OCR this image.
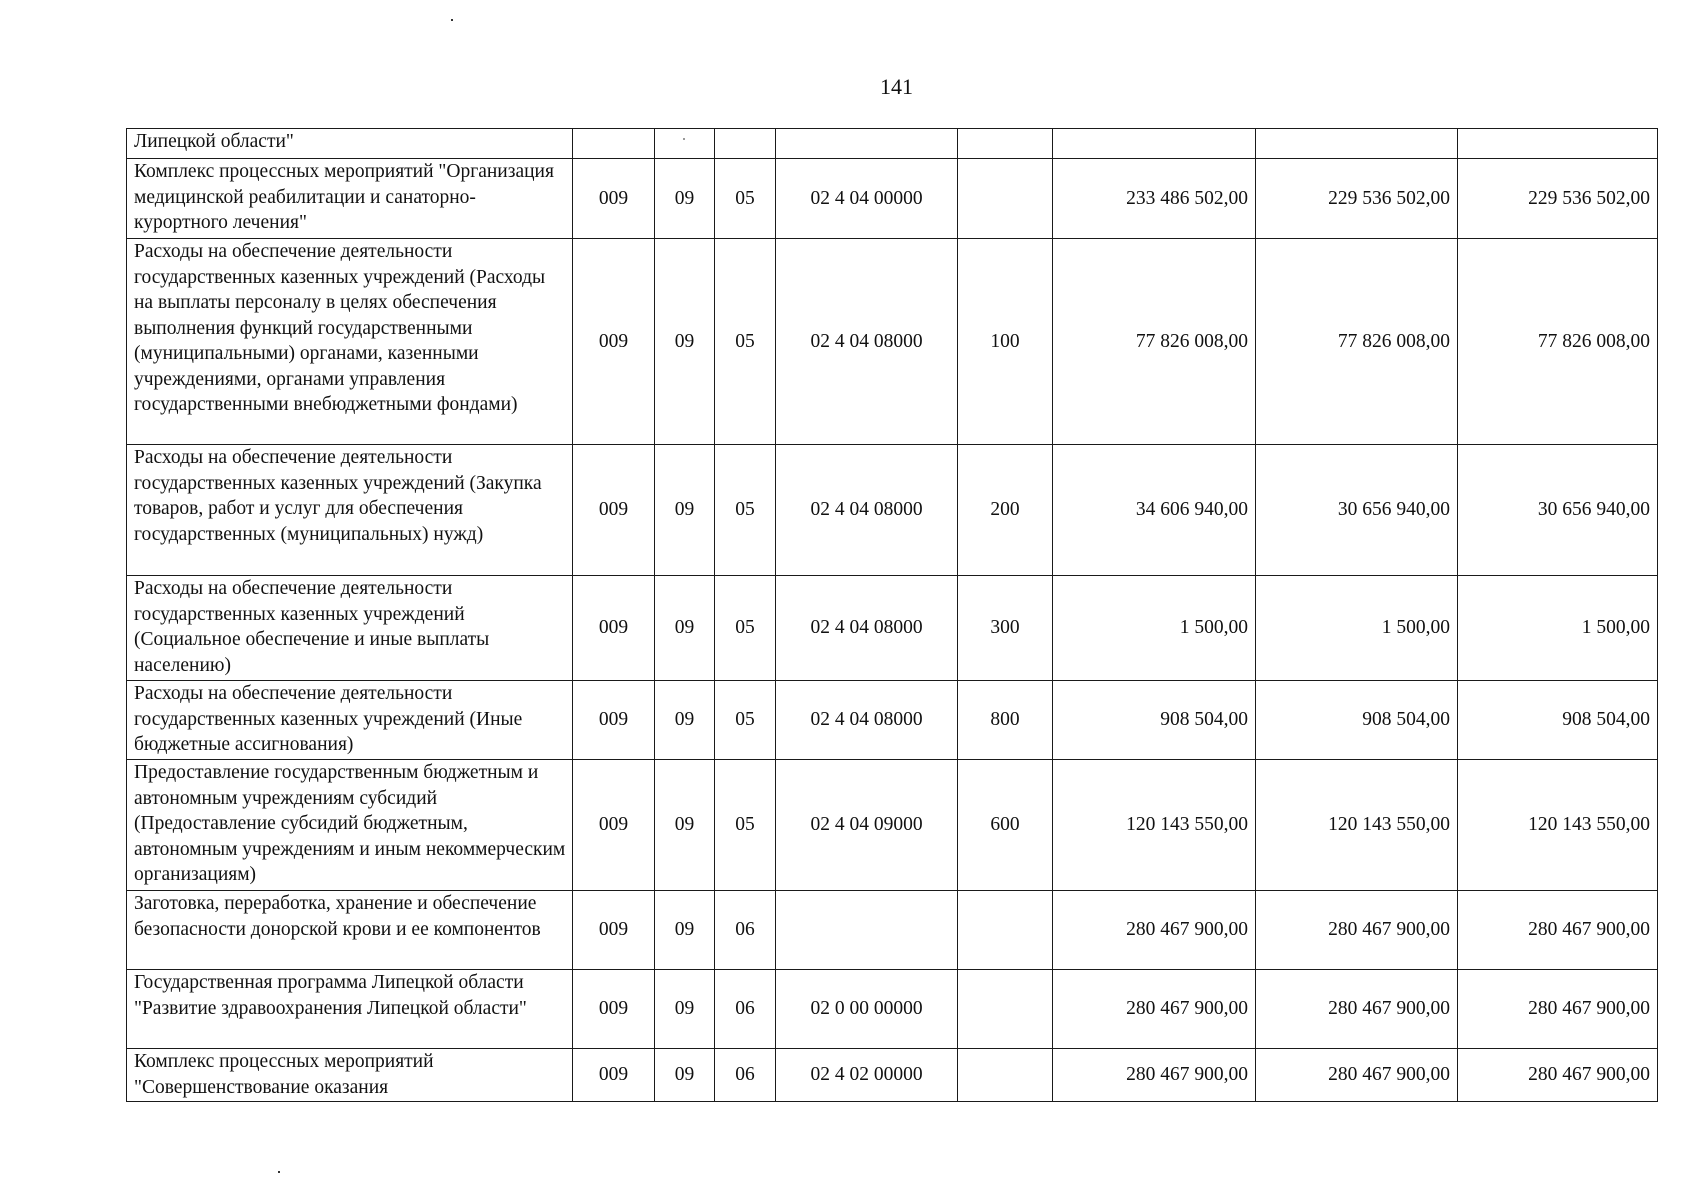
141
Липецкой области"								
Комплекс процессных мероприятий "Организация медицинской реабилитации и санаторно-курортного лечения"	009	09	05	02 4 04 00000		233 486 502,00	229 536 502,00	229 536 502,00
Расходы на обеспечение деятельности государственных казенных учреждений (Расходы на выплаты персоналу в целях обеспечения выполнения функций государственными (муниципальными) органами, казенными учреждениями, органами управления государственными внебюджетными фондами)	009	09	05	02 4 04 08000	100	77 826 008,00	77 826 008,00	77 826 008,00
Расходы на обеспечение деятельности государственных казенных учреждений (Закупка товаров, работ и услуг для обеспечения государственных (муниципальных) нужд)	009	09	05	02 4 04 08000	200	34 606 940,00	30 656 940,00	30 656 940,00
Расходы на обеспечение деятельности государственных казенных учреждений (Социальное обеспечение и иные выплаты населению)	009	09	05	02 4 04 08000	300	1 500,00	1 500,00	1 500,00
Расходы на обеспечение деятельности государственных казенных учреждений (Иные бюджетные ассигнования)	009	09	05	02 4 04 08000	800	908 504,00	908 504,00	908 504,00
Предоставление государственным бюджетным и автономным учреждениям субсидий (Предоставление субсидий бюджетным, автономным учреждениям и иным некоммерческим организациям)	009	09	05	02 4 04 09000	600	120 143 550,00	120 143 550,00	120 143 550,00
Заготовка, переработка, хранение и обеспечение безопасности донорской крови и ее компонентов	009	09	06			280 467 900,00	280 467 900,00	280 467 900,00
Государственная программа Липецкой области "Развитие здравоохранения Липецкой области"	009	09	06	02 0 00 00000		280 467 900,00	280 467 900,00	280 467 900,00
Комплекс процессных мероприятий "Совершенствование оказания	009	09	06	02 4 02 00000		280 467 900,00	280 467 900,00	280 467 900,00
